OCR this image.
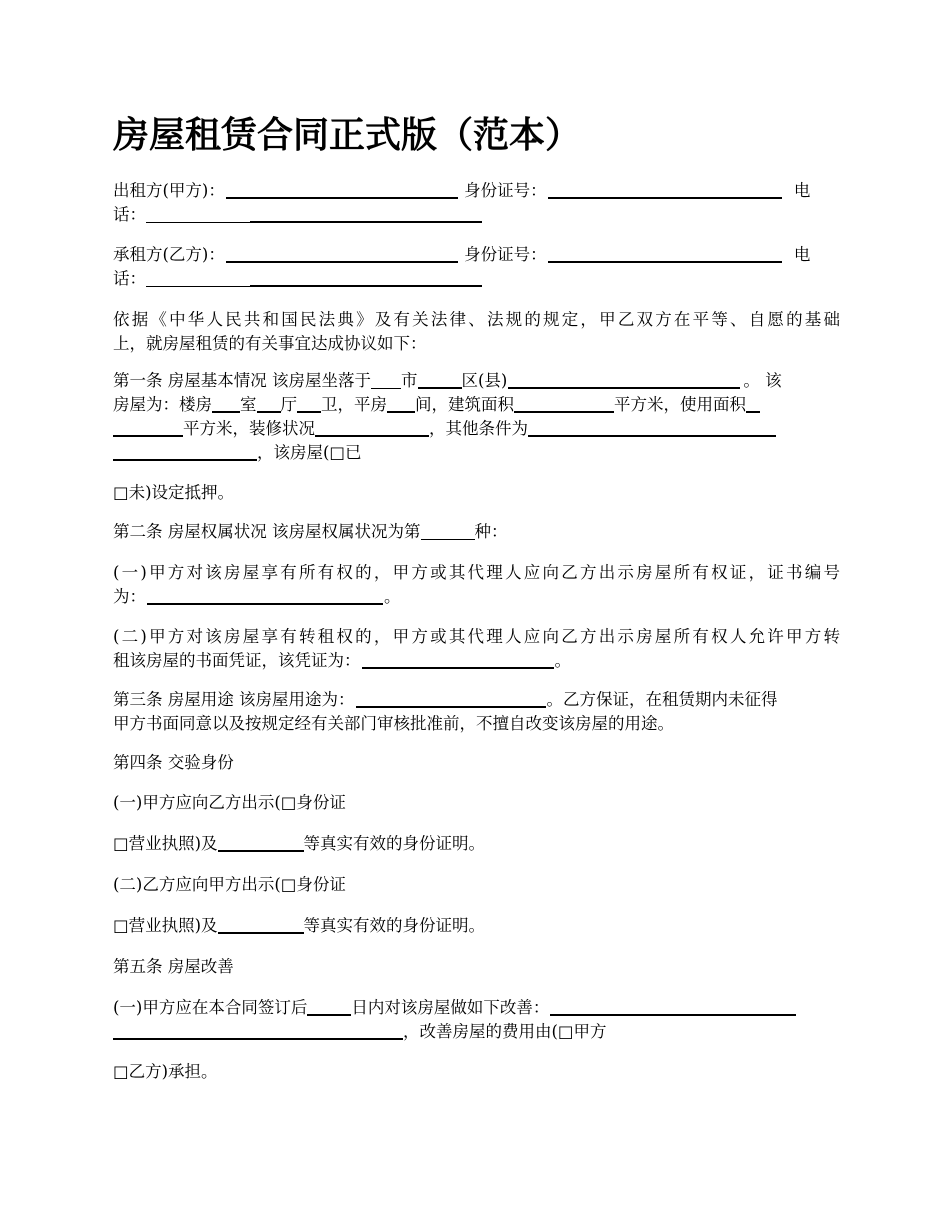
房屋租赁合同正式版（范本）
出租方(甲方)：	身份证号：	电
话：
承租方(乙方)：	身份证号：	电
话：
依据《中华人民共和国民法典》及有关法律、法规的规定，甲乙双方在平等、自愿的基础
上，就房屋租赁的有关事宜达成协议如下：
第一条 房屋基本情况 该房屋坐落于 市	区(县)	。 该
房屋为：楼房 室 厅 卫，平房 间，建筑面积	平方米，使用面积
平方米，装修状况	，其他条件为
，该房屋(□已
□未)设定抵押。
第二条 房屋权属状况 该房屋权属状况为第	种：
(一)甲方对该房屋享有所有权的，甲方或其代理人应向乙方出示房屋所有权证，证书编号
为：	。
(二)甲方对该房屋享有转租权的，甲方或其代理人应向乙方出示房屋所有权人允许甲方转
租该房屋的书面凭证，该凭证为：	。
第三条 房屋用途 该房屋用途为：	。乙方保证，在租赁期内未征得
甲方书面同意以及按规定经有关部门审核批准前，不擅自改变该房屋的用途。
第四条 交验身份
(一)甲方应向乙方出示(□身份证
□营业执照)及	等真实有效的身份证明。
(二)乙方应向甲方出示(□身份证
□营业执照)及	等真实有效的身份证明。
第五条 房屋改善
(一)甲方应在本合同签订后	日内对该房屋做如下改善：
，改善房屋的费用由(□甲方
□乙方)承担。
